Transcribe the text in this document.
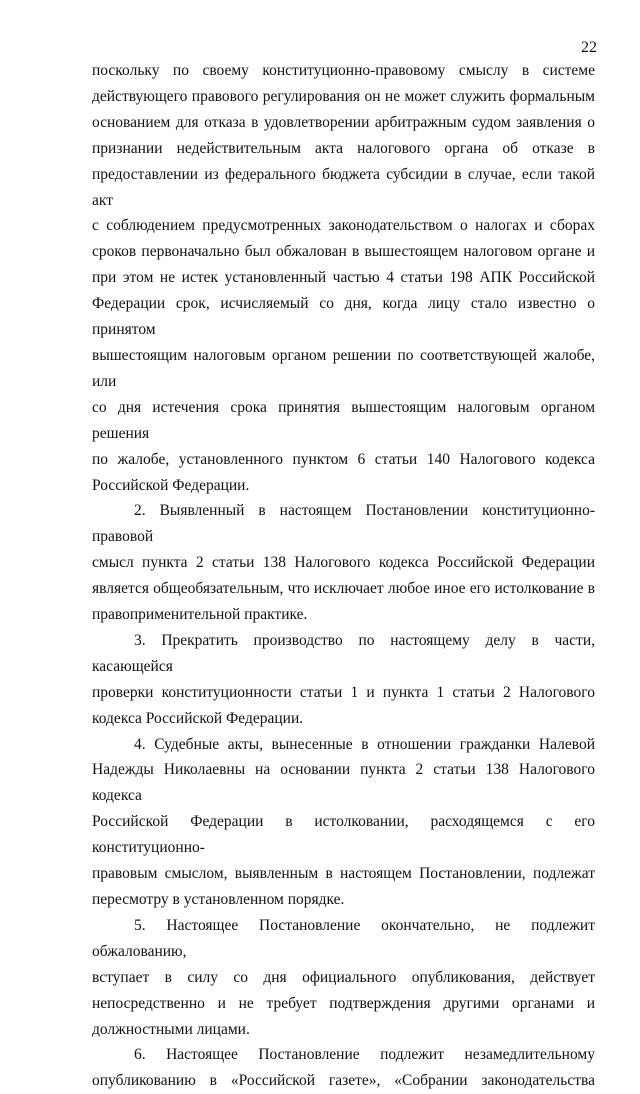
22

поскольку по своему конституционно-правовому смыслу в системе

действующего правового регулирования он не может служить формальным

основанием для отказа в удовлетворении арбитражным судом заявления о

признании недействительным акта налогового органа об отказе в

предоставлении из федерального бюджета субсидии в случае, если такой акт

с соблюдением предусмотренных законодательством о налогах и сборах

сроков первоначально был обжалован в вышестоящем налоговом органе и

при этом не истек установленный частью 4 статьи 198 АПК Российской

Федерации срок, исчисляемый со дня, когда лицу стало известно о принятом

вышестоящим налоговым органом решении по соответствующей жалобе, или

со дня истечения срока принятия вышестоящим налоговым органом решения

по жалобе, установленного пунктом 6 статьи 140 Налогового кодекса

Российской Федерации.

2. Выявленный в настоящем Постановлении конституционно-правовой

смысл пункта 2 статьи 138 Налогового кодекса Российской Федерации

является общеобязательным, что исключает любое иное его истолкование в

правоприменительной практике.

3. Прекратить производство по настоящему делу в части, касающейся

проверки конституционности статьи 1 и пункта 1 статьи 2 Налогового

кодекса Российской Федерации.

4. Судебные акты, вынесенные в отношении гражданки Налевой

Надежды Николаевны на основании пункта 2 статьи 138 Налогового кодекса

Российской Федерации в истолковании, расходящемся с его конституционно-

правовым смыслом, выявленным в настоящем Постановлении, подлежат

пересмотру в установленном порядке.

5. Настоящее Постановление окончательно, не подлежит обжалованию,

вступает в силу со дня официального опубликования, действует

непосредственно и не требует подтверждения другими органами и

должностными лицами.

6. Настоящее Постановление подлежит незамедлительному

опубликованию в «Российской газете», «Собрании законодательства
